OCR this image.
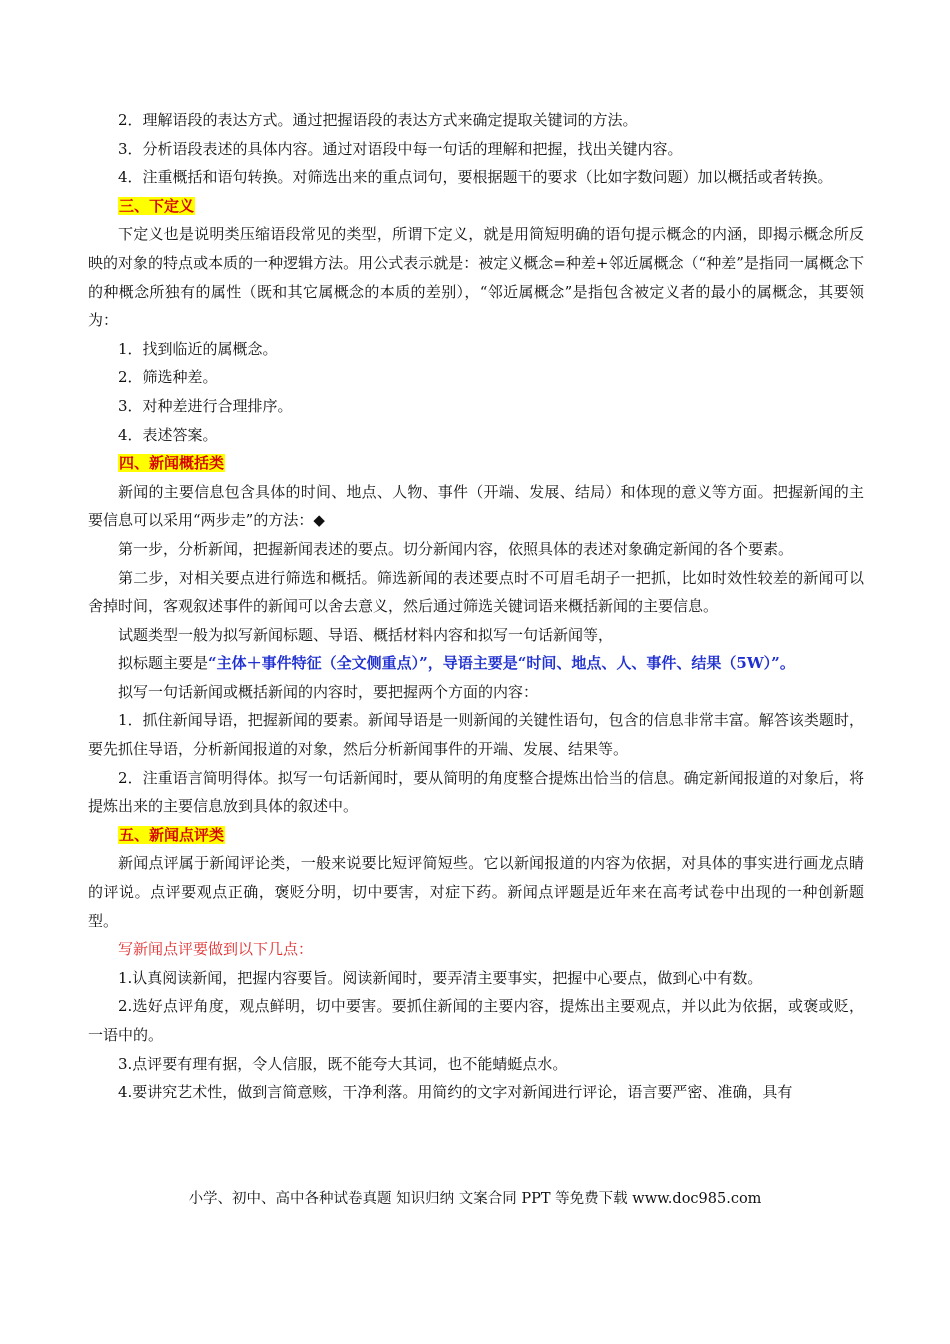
2．理解语段的表达方式。通过把握语段的表达方式来确定提取关键词的方法。

3．分析语段表述的具体内容。通过对语段中每一句话的理解和把握，找出关键内容。

4．注重概括和语句转换。对筛选出来的重点词句，要根据题干的要求（比如字数问题）加以概括或者转换。

三、下定义

下定义也是说明类压缩语段常见的类型，所谓下定义，就是用简短明确的语句提示概念的内涵，即揭示概念所反映的对象的特点或本质的一种逻辑方法。用公式表示就是：被定义概念=种差+邻近属概念（“种差”是指同一属概念下的种概念所独有的属性（既和其它属概念的本质的差别），“邻近属概念”是指包含被定义者的最小的属概念，其要领为：

1．找到临近的属概念。

2．筛选种差。

3．对种差进行合理排序。

4．表述答案。

四、新闻概括类

新闻的主要信息包含具体的时间、地点、人物、事件（开端、发展、结局）和体现的意义等方面。把握新闻的主要信息可以采用“两步走”的方法：◆

第一步，分析新闻，把握新闻表述的要点。切分新闻内容，依照具体的表述对象确定新闻的各个要素。

第二步，对相关要点进行筛选和概括。筛选新闻的表述要点时不可眉毛胡子一把抓，比如时效性较差的新闻可以舍掉时间，客观叙述事件的新闻可以舍去意义，然后通过筛选关键词语来概括新闻的主要信息。

试题类型一般为拟写新闻标题、导语、概括材料内容和拟写一句话新闻等，

拟标题主要是“主体＋事件特征（全文侧重点）”，导语主要是“时间、地点、人、事件、结果（5W）”。

拟写一句话新闻或概括新闻的内容时，要把握两个方面的内容：

1．抓住新闻导语，把握新闻的要素。新闻导语是一则新闻的关键性语句，包含的信息非常丰富。解答该类题时，要先抓住导语，分析新闻报道的对象，然后分析新闻事件的开端、发展、结果等。

2．注重语言简明得体。拟写一句话新闻时，要从简明的角度整合提炼出恰当的信息。确定新闻报道的对象后，将提炼出来的主要信息放到具体的叙述中。

五、新闻点评类

新闻点评属于新闻评论类，一般来说要比短评简短些。它以新闻报道的内容为依据，对具体的事实进行画龙点睛的评说。点评要观点正确，褒贬分明，切中要害，对症下药。新闻点评题是近年来在高考试卷中出现的一种创新题型。

写新闻点评要做到以下几点：

1.认真阅读新闻，把握内容要旨。阅读新闻时，要弄清主要事实，把握中心要点，做到心中有数。

2.选好点评角度，观点鲜明，切中要害。要抓住新闻的主要内容，提炼出主要观点，并以此为依据，或褒或贬，一语中的。

3.点评要有理有据，令人信服，既不能夸大其词，也不能蜻蜓点水。

4.要讲究艺术性，做到言简意赅，干净利落。用简约的文字对新闻进行评论，语言要严密、准确，具有

小学、初中、高中各种试卷真题 知识归纳 文案合同 PPT 等免费下载 www.doc985.com
